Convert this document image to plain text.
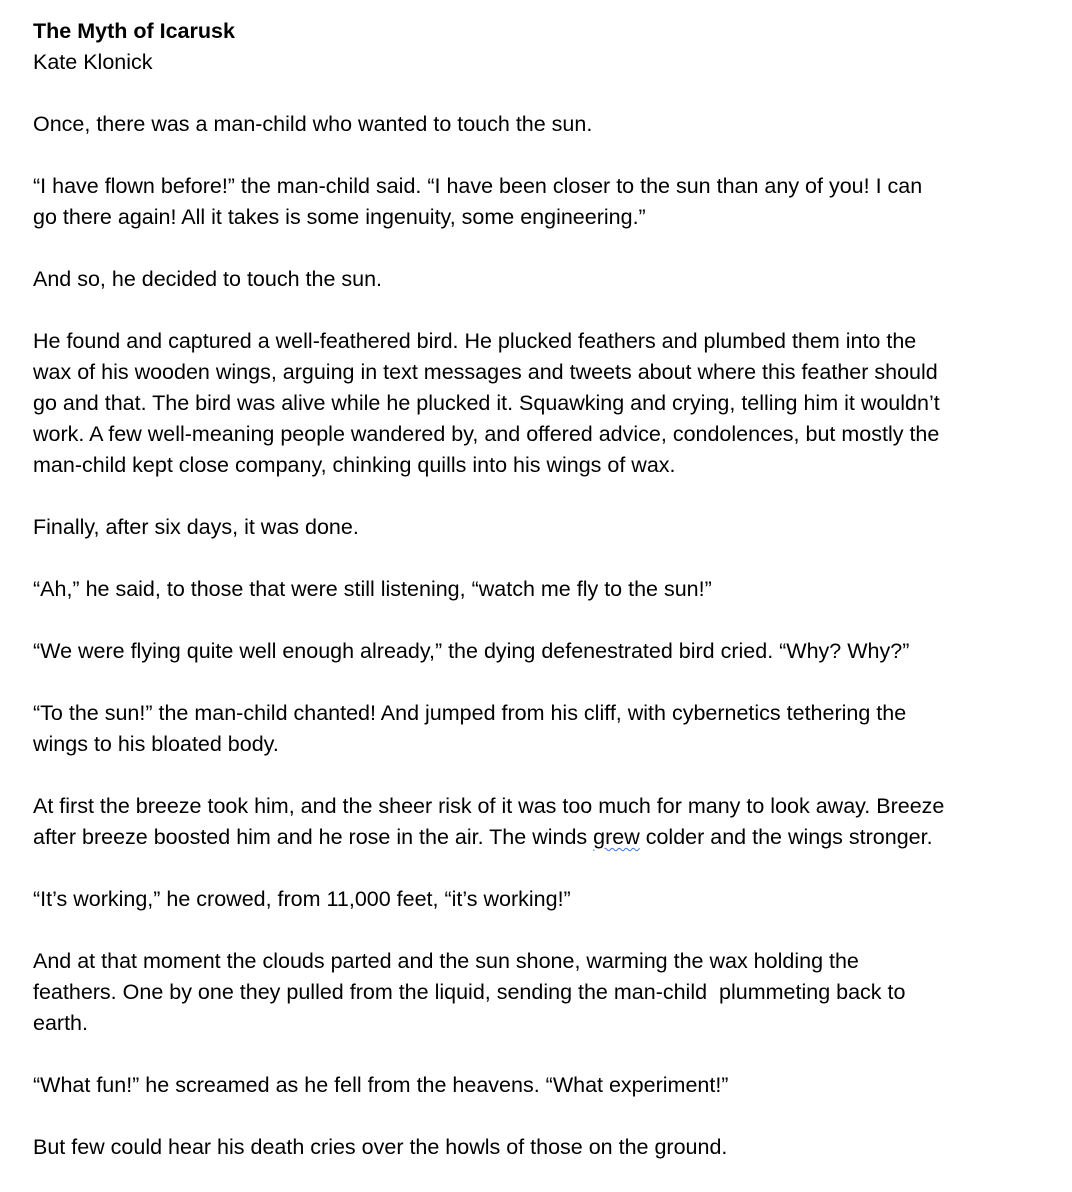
The Myth of Icarusk

Kate Klonick

Once, there was a man-child who wanted to touch the sun.

“I have flown before!” the man-child said. “I have been closer to the sun than any of you! I can

go there again! All it takes is some ingenuity, some engineering.”

And so, he decided to touch the sun.

He found and captured a well-feathered bird. He plucked feathers and plumbed them into the

wax of his wooden wings, arguing in text messages and tweets about where this feather should

go and that. The bird was alive while he plucked it. Squawking and crying, telling him it wouldn’t

work. A few well-meaning people wandered by, and offered advice, condolences, but mostly the

man-child kept close company, chinking quills into his wings of wax.

Finally, after six days, it was done.

“Ah,” he said, to those that were still listening, “watch me fly to the sun!”

“We were flying quite well enough already,” the dying defenestrated bird cried. “Why? Why?”

“To the sun!” the man-child chanted! And jumped from his cliff, with cybernetics tethering the

wings to his bloated body.

At first the breeze took him, and the sheer risk of it was too much for many to look away. Breeze

after breeze boosted him and he rose in the air. The winds grew colder and the wings stronger.

“It’s working,” he crowed, from 11,000 feet, “it’s working!”

And at that moment the clouds parted and the sun shone, warming the wax holding the

feathers. One by one they pulled from the liquid, sending the man-child  plummeting back to

earth.

“What fun!” he screamed as he fell from the heavens. “What experiment!”

But few could hear his death cries over the howls of those on the ground.
